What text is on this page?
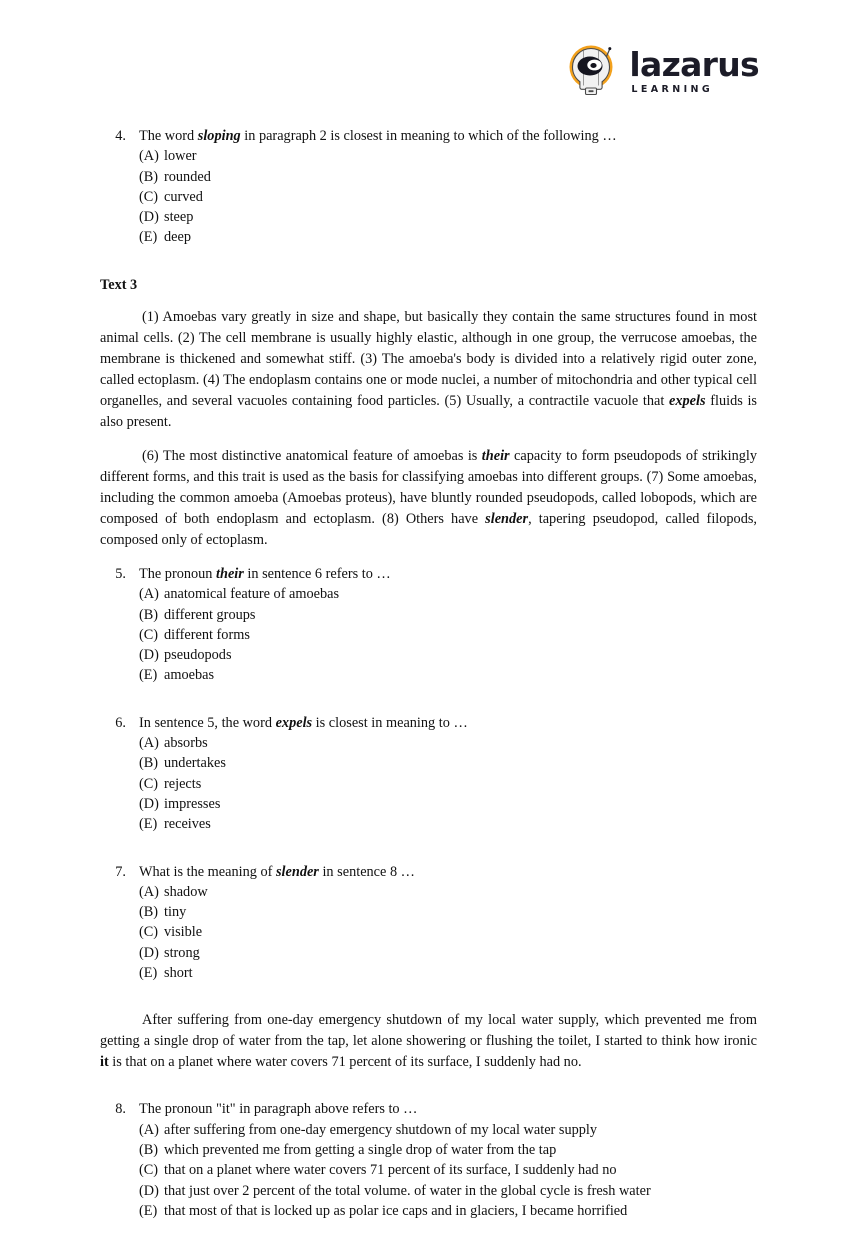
lazarus
LEARNING
4. The word sloping in paragraph 2 is closest in meaning to which of the following …
(A) lower
(B) rounded
(C) curved
(D) steep
(E) deep
Text 3

(1) Amoebas vary greatly in size and shape, but basically they contain the same structures found in most animal cells. (2) The cell membrane is usually highly elastic, although in one group, the verrucose amoebas, the membrane is thickened and somewhat stiff. (3) The amoeba's body is divided into a relatively rigid outer zone, called ectoplasm. (4) The endoplasm contains one or mode nuclei, a number of mitochondria and other typical cell organelles, and several vacuoles containing food particles. (5) Usually, a contractile vacuole that expels fluids is also present.

(6) The most distinctive anatomical feature of amoebas is their capacity to form pseudopods of strikingly different forms, and this trait is used as the basis for classifying amoebas into different groups. (7) Some amoebas, including the common amoeba (Amoebas proteus), have bluntly rounded pseudopods, called lobopods, which are composed of both endoplasm and ectoplasm. (8) Others have slender, tapering pseudopod, called filopods, composed only of ectoplasm.

5. The pronoun their in sentence 6 refers to …
(A) anatomical feature of amoebas
(B) different groups
(C) different forms
(D) pseudopods
(E) amoebas
6. In sentence 5, the word expels is closest in meaning to …
(A) absorbs
(B) undertakes
(C) rejects
(D) impresses
(E) receives
7. What is the meaning of slender in sentence 8 …
(A) shadow
(B) tiny
(C) visible
(D) strong
(E) short

After suffering from one-day emergency shutdown of my local water supply, which prevented me from getting a single drop of water from the tap, let alone showering or flushing the toilet, I started to think how ironic it is that on a planet where water covers 71 percent of its surface, I suddenly had no.

8. The pronoun "it" in paragraph above refers to …
(A) after suffering from one-day emergency shutdown of my local water supply
(B) which prevented me from getting a single drop of water from the tap
(C) that on a planet where water covers 71 percent of its surface, I suddenly had no
(D) that just over 2 percent of the total volume. of water in the global cycle is fresh water
(E) that most of that is locked up as polar ice caps and in glaciers, I became horrified
